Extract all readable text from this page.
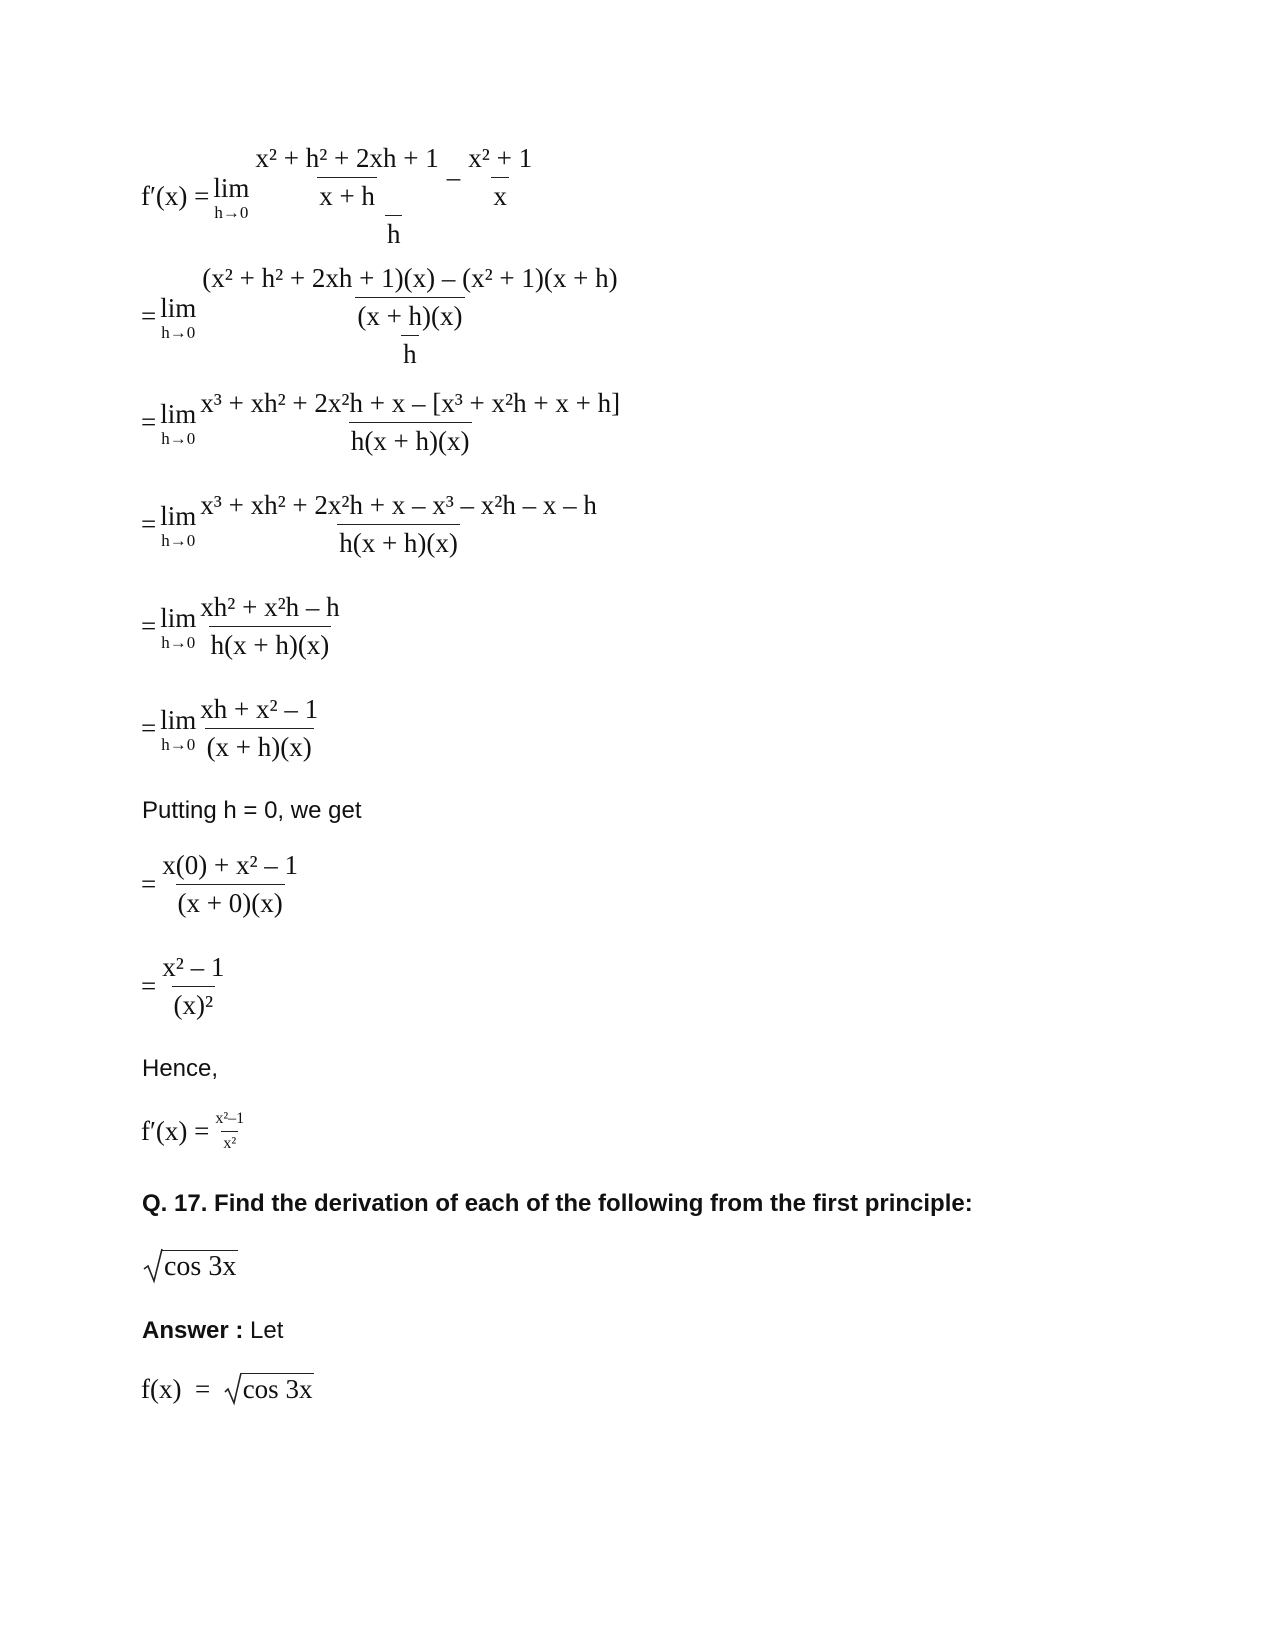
f′(x) = lim
$h\to 0 \frac{\text{x² + h² + 2xh + 1}}{x + h} - \frac{\text{x² + 1}}{x}$
h
= lim
$h\to 0 \frac{\text{(x² + h² + 2xh + 1)(x) – (x² + 1)(x + h)}}{(x + h)(x)}$
h
= lim
$h\to 0 \frac{\text{x³ + xh² + 2x²h + x – [x³ + x²h + x + h]}}{h(x + h)(x)}$
= lim
$h\to 0 \frac{\text{x³ + xh² + 2x²h + x – x³ – x²h – x – h}}{h(x + h)(x)}$
= lim
$h\to 0 \frac{\text{xh² + x²h – h}}{h(x + h)(x)}$
= lim
$h\to 0 \frac{\text{xh + x² – 1}}{(x + h)(x)}$
Putting h = 0, we get
= $\frac{\text{x(0) + x² – 1}}{(x + 0)(x)}$
= $\frac{\text{x² – 1}}{\text{(x)²}}$
Hence,
$f'(x) = \frac{\text{x²–1}}{\text{x²}}$
Q. 17. Find the derivation of each of the following from the first principle:
cos 3x
Answer : Let
f(x)  = cos 3x
